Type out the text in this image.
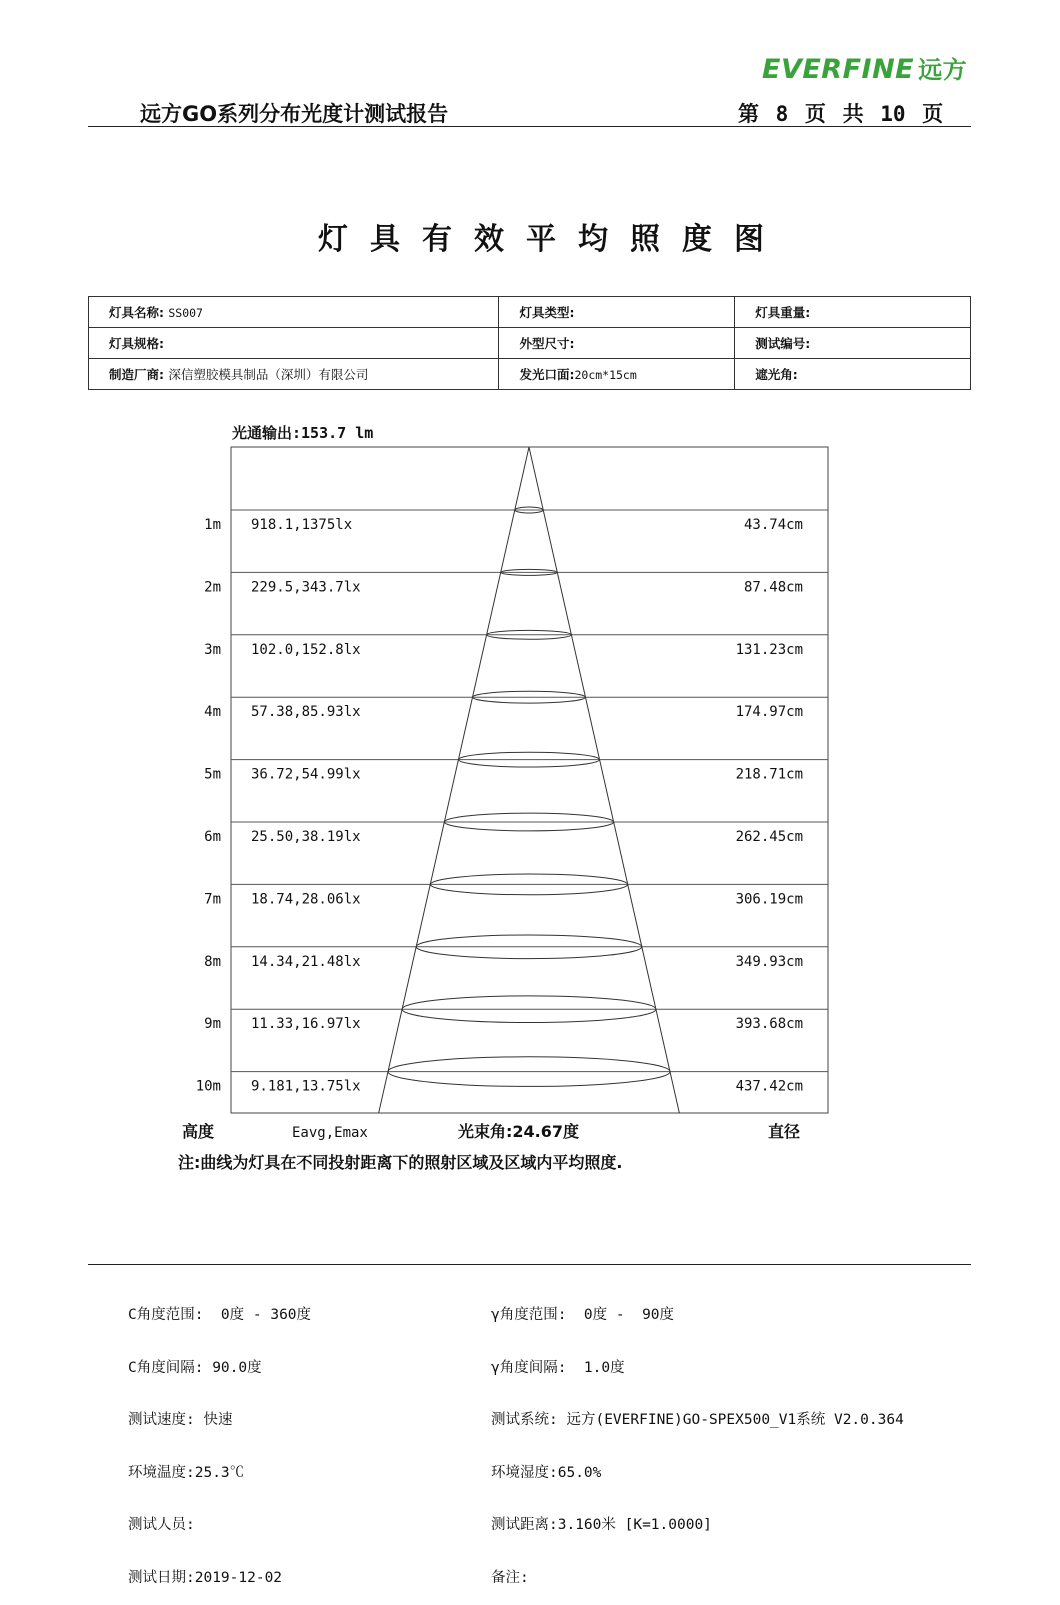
EVERFINE 远方
远方GO系列分布光度计测试报告	第 8 页 共 10 页
灯具有效平均照度图
灯具名称: SS007	灯具类型:	灯具重量:
灯具规格:	外型尺寸:	测试编号:
制造厂商: 深信塑胶模具制品（深圳）有限公司	发光口面:20cm*15cm	遮光角:
光通输出:153.7 lm
1m 918.1,1375lx	43.74cm
2m 229.5,343.7lx	87.48cm
3m 102.0,152.8lx	131.23cm
4m 57.38,85.93lx	174.97cm
5m 36.72,54.99lx	218.71cm
6m 25.50,38.19lx	262.45cm
7m 18.74,28.06lx	306.19cm
8m 14.34,21.48lx	349.93cm
9m 11.33,16.97lx	393.68cm
10m 9.181,13.75lx	437.42cm
高度	Eavg,Emax	光束角:24.67度	直径
注:曲线为灯具在不同投射距离下的照射区域及区域内平均照度.

C角度范围:  0度 - 360度

C角度间隔: 90.0度

测试速度: 快速

环境温度:25.3℃

测试人员:

测试日期:2019-12-02

γ角度范围:  0度 -  90度

γ角度间隔:  1.0度

测试系统: 远方(EVERFINE)GO-SPEX500_V1系统 V2.0.364

环境湿度:65.0%

测试距离:3.160米 [K=1.0000]

备注:
